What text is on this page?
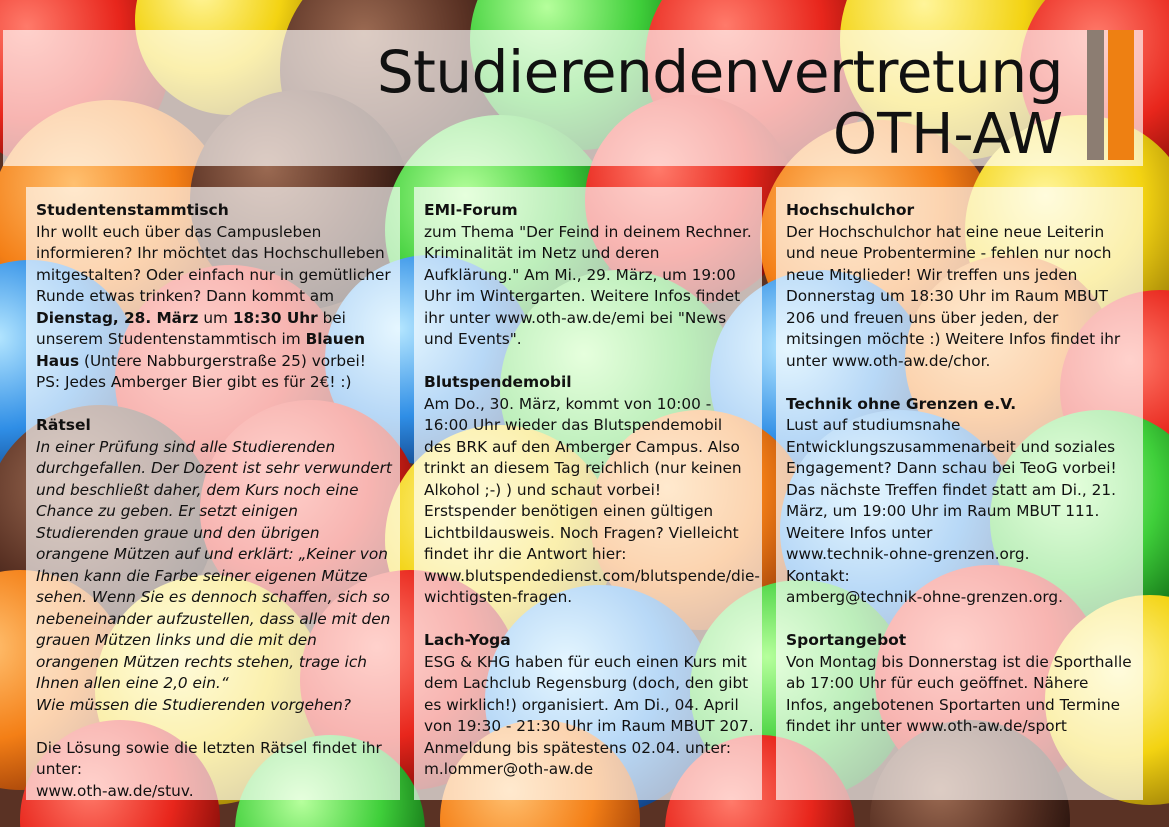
Studierendenvertretung
OTH-AW
Studentenstammtisch

Ihr wollt euch über das Campusleben informieren? Ihr möchtet das Hochschulleben mitgestalten? Oder einfach nur in gemütlicher Runde etwas trinken? Dann kommt am Dienstag, 28. März um 18:30 Uhr bei unserem Studentenstammtisch im Blauen Haus (Untere Nabburgerstraße 25) vorbei!

PS: Jedes Amberger Bier gibt es für 2€! :)

Rätsel

In einer Prüfung sind alle Studierenden durchgefallen. Der Dozent ist sehr verwundert und beschließt daher, dem Kurs noch eine Chance zu geben. Er setzt einigen Studierenden graue und den übrigen orangene Mützen auf und erklärt: „Keiner von Ihnen kann die Farbe seiner eigenen Mütze sehen. Wenn Sie es dennoch schaffen, sich so nebeneinander aufzustellen, dass alle mit den grauen Mützen links und die mit den orangenen Mützen rechts stehen, trage ich Ihnen allen eine 2,0 ein.“

Wie müssen die Studierenden vorgehen?

Die Lösung sowie die letzten Rätsel findet ihr unter:

www.oth-aw.de/stuv.

EMI-Forum

zum Thema "Der Feind in deinem Rechner. Kriminalität im Netz und deren Aufklärung." Am Mi., 29. März, um 19:00 Uhr im Wintergarten. Weitere Infos findet ihr unter www.oth-aw.de/emi bei "News und Events".

Blutspendemobil

Am Do., 30. März, kommt von 10:00 - 16:00 Uhr wieder das Blutspendemobil des BRK auf den Amberger Campus. Also trinkt an diesem Tag reichlich (nur keinen Alkohol ;-) ) und schaut vorbei! Erstspender benötigen einen gültigen Lichtbildausweis. Noch Fragen? Vielleicht findet ihr die Antwort hier:

www.blutspendedienst.com/blutspende/die-wichtigsten-fragen.

Lach-Yoga

ESG & KHG haben für euch einen Kurs mit dem Lachclub Regensburg (doch, den gibt es wirklich!) organisiert. Am Di., 04. April von 19:30 - 21:30 Uhr im Raum MBUT 207. Anmeldung bis spätestens 02.04. unter:

m.lommer@oth-aw.de

Hochschulchor

Der Hochschulchor hat eine neue Leiterin und neue Probentermine - fehlen nur noch neue Mitglieder! Wir treffen uns jeden Donnerstag um 18:30 Uhr im Raum MBUT 206 und freuen uns über jeden, der mitsingen möchte :) Weitere Infos findet ihr unter www.oth-aw.de/chor.

Technik ohne Grenzen e.V.

Lust auf studiumsnahe Entwicklungszusammenarbeit und soziales Engagement? Dann schau bei TeoG vorbei! Das nächste Treffen findet statt am Di., 21. März, um 19:00 Uhr im Raum MBUT 111.

Weitere Infos unter

www.technik-ohne-grenzen.org.

Kontakt:

amberg@technik-ohne-grenzen.org.

Sportangebot

Von Montag bis Donnerstag ist die Sporthalle ab 17:00 Uhr für euch geöffnet. Nähere Infos, angebotenen Sportarten und Termine findet ihr unter www.oth-aw.de/sport
